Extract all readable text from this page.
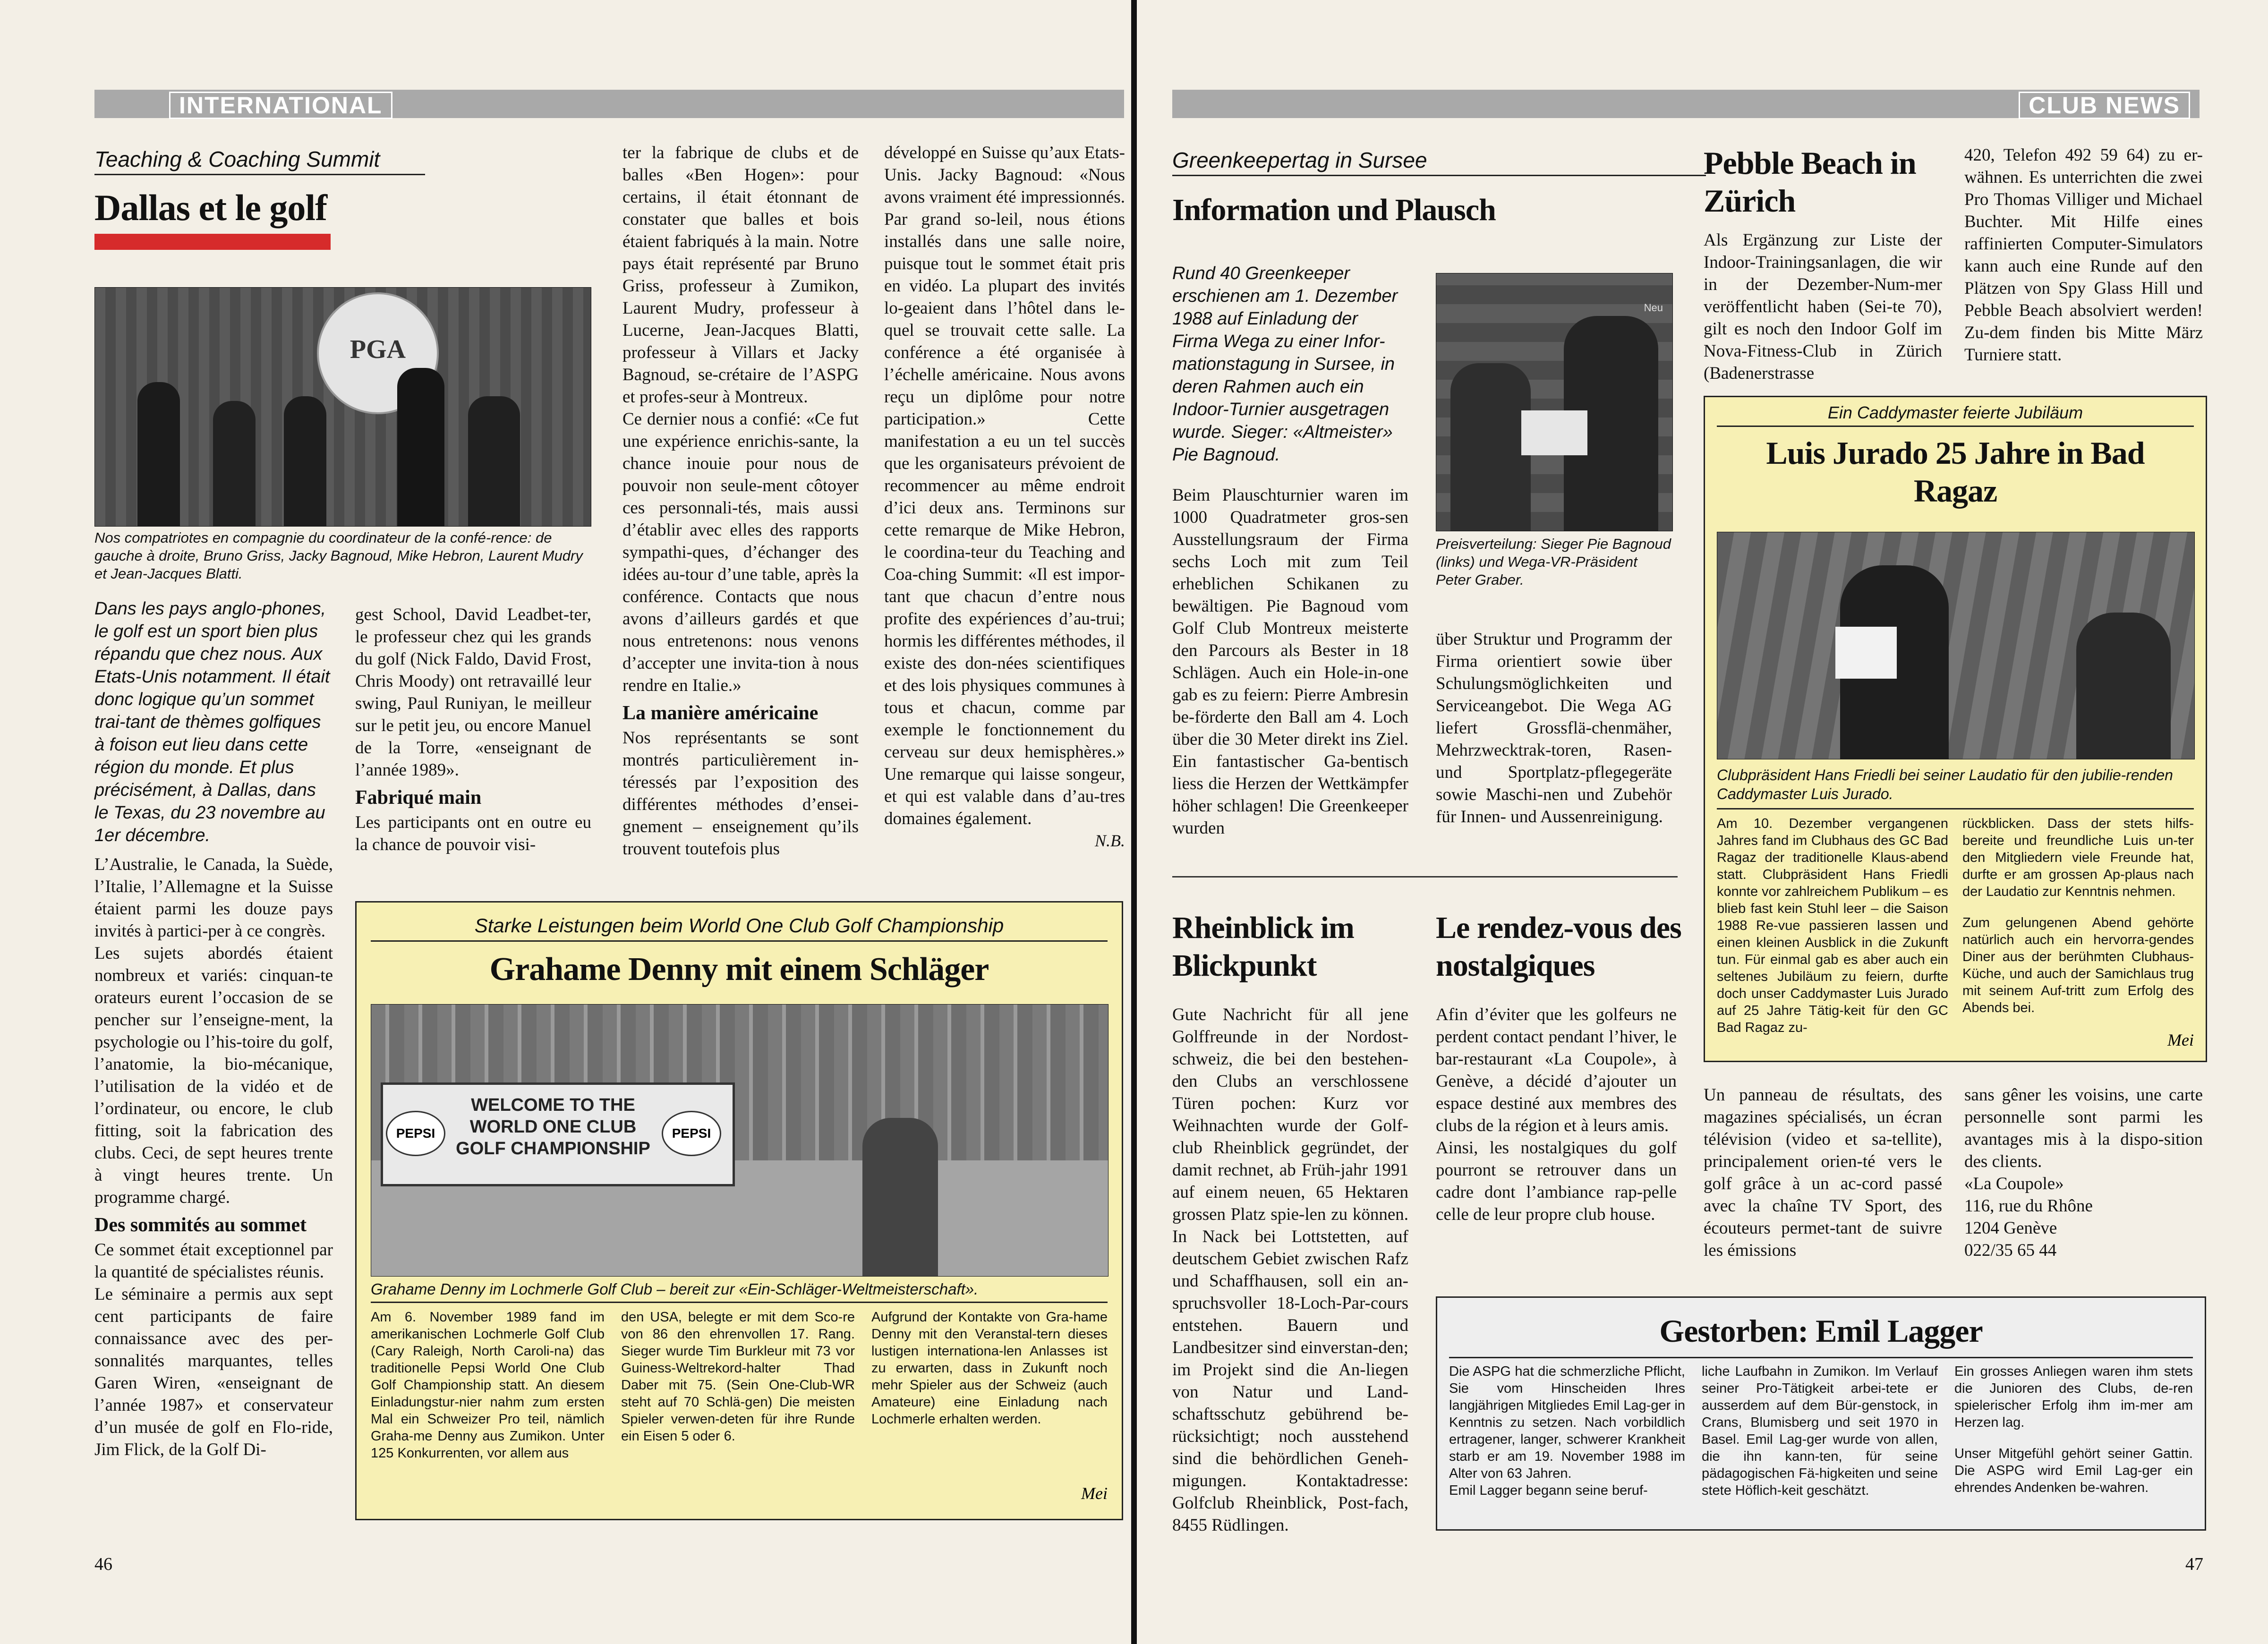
INTERNATIONAL
Teaching & Coaching Summit
Dallas et le golf
PGA
Nos compatriotes en compagnie du coordinateur de la confé-rence: de gauche à droite, Bruno Griss, Jacky Bagnoud, Mike Hebron, Laurent Mudry et Jean-Jacques Blatti.

Dans les pays anglo-phones, le golf est un sport bien plus répandu que chez nous. Aux Etats-Unis notamment. Il était donc logique qu’un sommet trai-tant de thèmes golfiques à foison eut lieu dans cette région du monde. Et plus précisément, à Dallas, dans le Texas, du 23 novembre au 1er décembre.

L’Australie, le Canada, la Suède, l’Italie, l’Allemagne et la Suisse étaient parmi les douze pays invités à partici-per à ce congrès.

Les sujets abordés étaient nombreux et variés: cinquan-te orateurs eurent l’occasion de se pencher sur l’enseigne-ment, la psychologie ou l’his-toire du golf, l’anatomie, la bio-mécanique, l’utilisation de la vidéo et de l’ordinateur, ou encore, le club fitting, soit la fabrication des clubs. Ceci, de sept heures trente à vingt heures trente. Un programme chargé.

Des sommités au sommet

Ce sommet était exceptionnel par la quantité de spécialistes réunis.

Le séminaire a permis aux sept cent participants de faire connaissance avec des per-sonnalités marquantes, telles Garen Wiren, «enseignant de l’année 1987» et conservateur d’un musée de golf en Flo-ride, Jim Flick, de la Golf Di-

gest School, David Leadbet-ter, le professeur chez qui les grands du golf (Nick Faldo, David Frost, Chris Moody) ont retravaillé leur swing, Paul Runiyan, le meilleur sur le petit jeu, ou encore Manuel de la Torre, «enseignant de l’année 1989».

Fabriqué main

Les participants ont en outre eu la chance de pouvoir visi-

ter la fabrique de clubs et de balles «Ben Hogen»: pour certains, il était étonnant de constater que balles et bois étaient fabriqués à la main. Notre pays était représenté par Bruno Griss, professeur à Zumikon, Laurent Mudry, professeur à Lucerne, Jean-Jacques Blatti, professeur à Villars et Jacky Bagnoud, se-crétaire de l’ASPG et profes-seur à Montreux.

Ce dernier nous a confié: «Ce fut une expérience enrichis-sante, la chance inouie pour nous de pouvoir non seule-ment côtoyer ces personnali-tés, mais aussi d’établir avec elles des rapports sympathi-ques, d’échanger des idées au-tour d’une table, après la conférence. Contacts que nous avons d’ailleurs gardés et que nous entretenons: nous venons d’accepter une invita-tion à nous rendre en Italie.»

La manière américaine

Nos représentants se sont montrés particulièrement in-téressés par l’exposition des différentes méthodes d’ensei-gnement – enseignement qu’ils trouvent toutefois plus

développé en Suisse qu’aux Etats-Unis. Jacky Bagnoud: «Nous avons vraiment été impressionnés. Par grand so-leil, nous étions installés dans une salle noire, puisque tout le sommet était pris en vidéo. La plupart des invités lo-geaient dans l’hôtel dans le-quel se trouvait cette salle. La conférence a été organisée à l’échelle américaine. Nous avons reçu un diplôme pour notre participation.» Cette manifestation a eu un tel succès que les organisateurs prévoient de recommencer au même endroit d’ici deux ans. Terminons sur cette remarque de Mike Hebron, le coordina-teur du Teaching and Coa-ching Summit: «Il est impor-tant que chacun d’entre nous profite des expériences d’au-trui; hormis les différentes méthodes, il existe des don-nées scientifiques et des lois physiques communes à tous et chacun, comme par exemple le fonctionnement du cerveau sur deux hemisphères.» Une remarque qui laisse songeur, et qui est valable dans d’au-tres domaines également.

N.B.
Starke Leistungen beim World One Club Golf Championship
Grahame Denny mit einem Schläger
PEPSI	PEPSI
WELCOME TO THE
WORLD ONE CLUB
GOLF CHAMPIONSHIP
Grahame Denny im Lochmerle Golf Club – bereit zur «Ein-Schläger-Weltmeisterschaft».
Am 6. November 1989 fand im amerikanischen Lochmerle Golf Club (Cary Raleigh, North Caroli-na) das traditionelle Pepsi World One Club Golf Championship statt. An diesem Einladungstur-nier nahm zum ersten Mal ein Schweizer Pro teil, nämlich Graha-me Denny aus Zumikon. Unter 125 Konkurrenten, vor allem aus
den USA, belegte er mit dem Sco-re von 86 den ehrenvollen 17. Rang. Sieger wurde Tim Burkleur mit 73 vor Guiness-Weltrekord-halter Thad Daber mit 75. (Sein One-Club-WR steht auf 70 Schlä-gen) Die meisten Spieler verwen-deten für ihre Runde ein Eisen 5 oder 6.
Aufgrund der Kontakte von Gra-hame Denny mit den Veranstal-tern dieses lustigen internationa-len Anlasses ist zu erwarten, dass in Zukunft noch mehr Spieler aus der Schweiz (auch Amateure) eine Einladung nach Lochmerle erhalten werden.
Mei
46
CLUB NEWS
Greenkeepertag in Sursee
Information und Plausch
Rund 40 Greenkeeper erschienen am 1. Dezember 1988 auf Einladung der Firma Wega zu einer Infor-mationstagung in Sursee, in deren Rahmen auch ein Indoor-Turnier ausgetragen wurde. Sieger: «Altmeister» Pie Bagnoud.
Neu
Preisverteilung: Sieger Pie Bagnoud (links) und Wega-VR-Präsident Peter Graber.
Beim Plauschturnier waren im 1000 Quadratmeter gros-sen Ausstellungsraum der Firma sechs Loch mit zum Teil erheblichen Schikanen zu bewältigen. Pie Bagnoud vom Golf Club Montreux meisterte den Parcours als Bester in 18 Schlägen. Auch ein Hole-in-one gab es zu feiern: Pierre Ambresin be-förderte den Ball am 4. Loch über die 30 Meter direkt ins Ziel. Ein fantastischer Ga-bentisch liess die Herzen der Wettkämpfer höher schlagen! Die Greenkeeper wurden
über Struktur und Programm der Firma orientiert sowie über Schulungsmöglichkeiten und Serviceangebot. Die Wega AG liefert Grossflä-chenmäher, Mehrzwecktrak-toren, Rasen- und Sportplatz-pflegegeräte sowie Maschi-nen und Zubehör für Innen- und Aussenreinigung.
Pebble Beach in Zürich
Als Ergänzung zur Liste der Indoor-Trainingsanlagen, die wir in der Dezember-Num-mer veröffentlicht haben (Sei-te 70), gilt es noch den Indoor Golf im Nova-Fitness-Club in Zürich (Badenerstrasse
420, Telefon 492 59 64) zu er-wähnen. Es unterrichten die zwei Pro Thomas Villiger und Michael Buchter. Mit Hilfe eines raffinierten Computer-Simulators kann auch eine Runde auf den Plätzen von Spy Glass Hill und Pebble Beach absolviert werden! Zu-dem finden bis Mitte März Turniere statt.
Ein Caddymaster feierte Jubiläum
Luis Jurado 25 Jahre in Bad Ragaz
Clubpräsident Hans Friedli bei seiner Laudatio für den jubilie-renden Caddymaster Luis Jurado.
Am 10. Dezember vergangenen Jahres fand im Clubhaus des GC Bad Ragaz der traditionelle Klaus-abend statt. Clubpräsident Hans Friedli konnte vor zahlreichem Publikum – es blieb fast kein Stuhl leer – die Saison 1988 Re-vue passieren lassen und einen kleinen Ausblick in die Zukunft tun. Für einmal gab es aber auch ein seltenes Jubiläum zu feiern, durfte doch unser Caddymaster Luis Jurado auf 25 Jahre Tätig-keit für den GC Bad Ragaz zu-
rückblicken. Dass der stets hilfs-bereite und freundliche Luis un-ter den Mitgliedern viele Freunde hat, durfte er am grossen Ap-plaus nach der Laudatio zur Kenntnis nehmen.
Zum gelungenen Abend gehörte natürlich auch ein hervorra-gendes Diner aus der berühmten Clubhaus-Küche, und auch der Samichlaus trug mit seinem Auf-tritt zum Erfolg des Abends bei.
Mei
Rheinblick im Blickpunkt
Gute Nachricht für all jene Golffreunde in der Nordost-schweiz, die bei den bestehen-den Clubs an verschlossene Türen pochen: Kurz vor Weihnachten wurde der Golf-club Rheinblick gegründet, der damit rechnet, ab Früh-jahr 1991 auf einem neuen, 65 Hektaren grossen Platz spie-len zu können. In Nack bei Lottstetten, auf deutschem Gebiet zwischen Rafz und Schaffhausen, soll ein an-spruchsvoller 18-Loch-Par-cours entstehen. Bauern und Landbesitzer sind einverstan-den; im Projekt sind die An-liegen von Natur und Land-schaftsschutz gebührend be-rücksichtigt; noch ausstehend sind die behördlichen Geneh-migungen. Kontaktadresse: Golfclub Rheinblick, Post-fach, 8455 Rüdlingen.
Le rendez-vous des nostalgiques

Afin d’éviter que les golfeurs ne perdent contact pendant l’hiver, le bar-restaurant «La Coupole», à Genève, a décidé d’ajouter un espace destiné aux membres des clubs de la région et à leurs amis.

Ainsi, les nostalgiques du golf pourront se retrouver dans un cadre dont l’ambiance rap-pelle celle de leur propre club house.

Un panneau de résultats, des magazines spécialisés, un écran télévision (video et sa-tellite), principalement orien-té vers le golf grâce à un ac-cord passé avec la chaîne TV Sport, des écouteurs permet-tant de suivre les émissions

sans gêner les voisins, une carte personnelle sont parmi les avantages mis à la dispo-sition des clients.

«La Coupole»
116, rue du Rhône
1204 Genève
022/35 65 44
Gestorben: Emil Lagger
Die ASPG hat die schmerzliche Pflicht, Sie vom Hinscheiden Ihres langjährigen Mitgliedes Emil Lag-ger in Kenntnis zu setzen. Nach vorbildlich ertragener, langer, schwerer Krankheit starb er am 19. November 1988 im Alter von 63 Jahren.
Emil Lagger begann seine beruf-
liche Laufbahn in Zumikon. Im Verlauf seiner Pro-Tätigkeit arbei-tete er ausserdem auf dem Bür-genstock, in Crans, Blumisberg und seit 1970 in Basel. Emil Lag-ger wurde von allen, die ihn kann-ten, für seine pädagogischen Fä-higkeiten und seine stete Höflich-keit geschätzt.
Ein grosses Anliegen waren ihm stets die Junioren des Clubs, de-ren spielerischer Erfolg ihm im-mer am Herzen lag.
Unser Mitgefühl gehört seiner Gattin. Die ASPG wird Emil Lag-ger ein ehrendes Andenken be-wahren.
47
